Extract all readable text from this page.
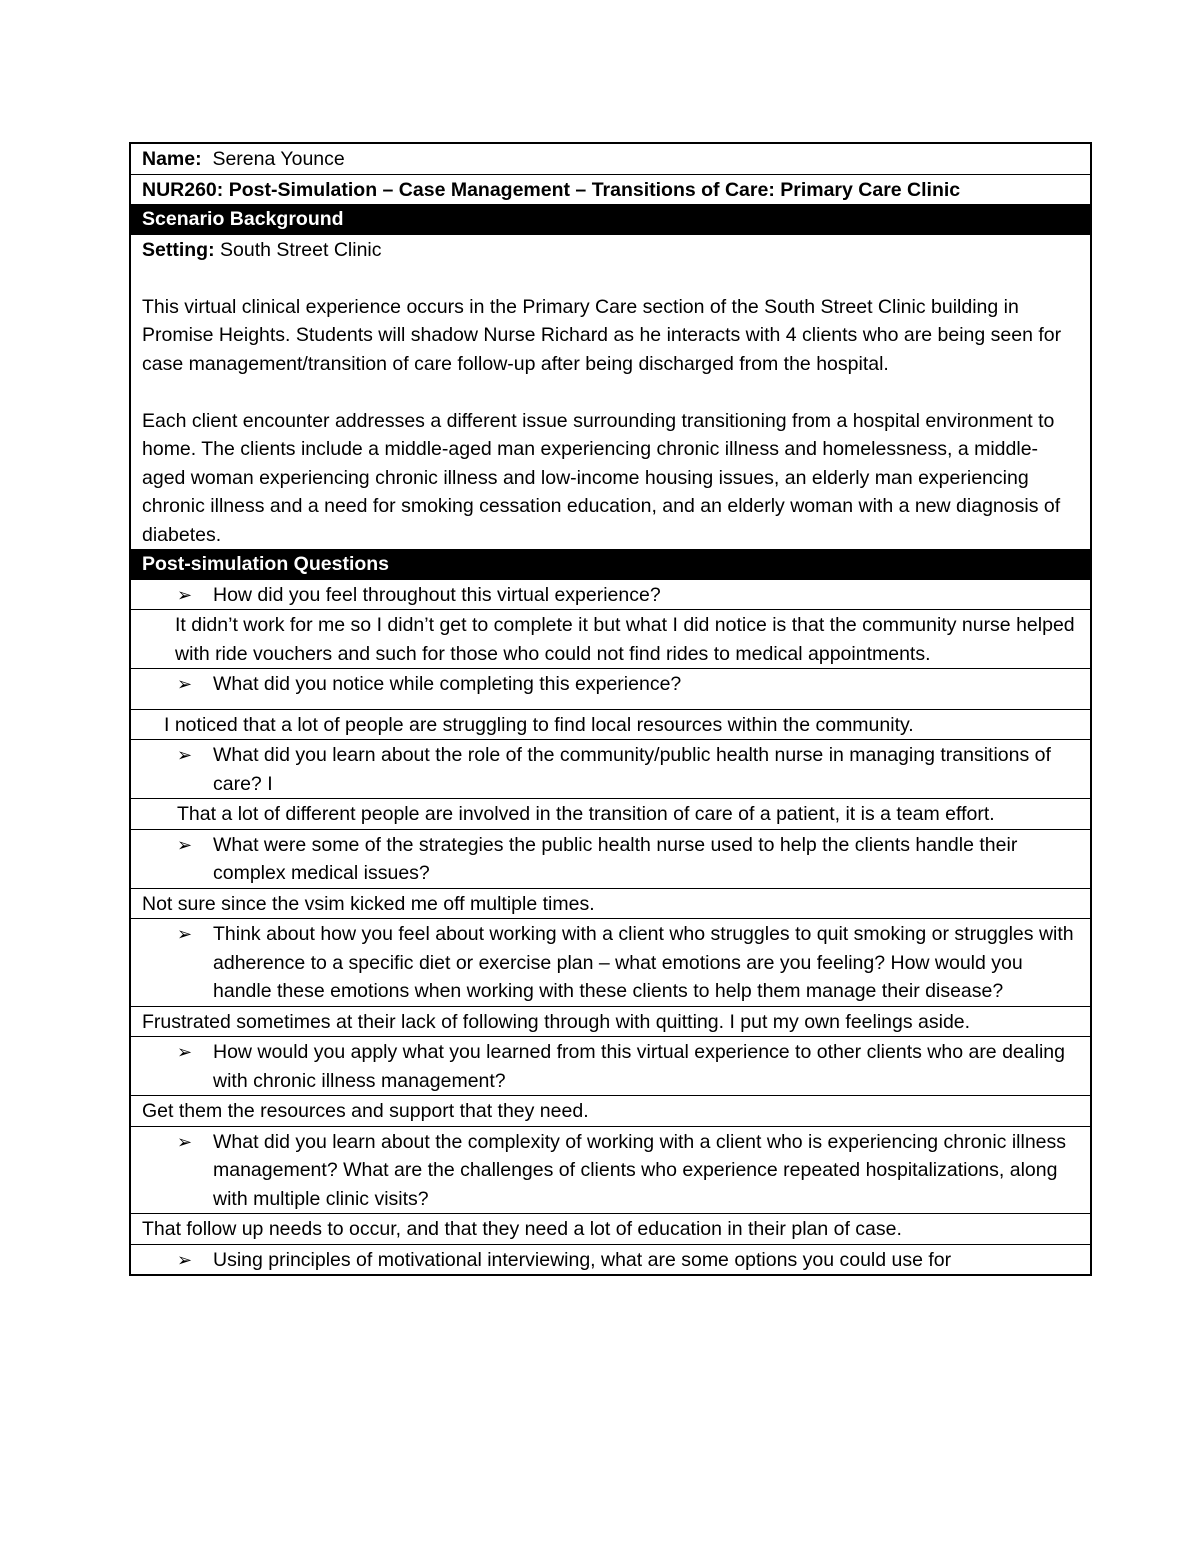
Name: Serena Younce
NUR260: Post-Simulation – Case Management – Transitions of Care: Primary Care Clinic
Scenario Background
Setting: South Street Clinic
This virtual clinical experience occurs in the Primary Care section of the South Street Clinic building in Promise Heights. Students will shadow Nurse Richard as he interacts with 4 clients who are being seen for case management/transition of care follow-up after being discharged from the hospital.
Each client encounter addresses a different issue surrounding transitioning from a hospital environment to home. The clients include a middle-aged man experiencing chronic illness and homelessness, a middle-aged woman experiencing chronic illness and low-income housing issues, an elderly man experiencing chronic illness and a need for smoking cessation education, and an elderly woman with a new diagnosis of diabetes.
Post-simulation Questions
➢ How did you feel throughout this virtual experience?
It didn’t work for me so I didn’t get to complete it but what I did notice is that the community nurse helped with ride vouchers and such for those who could not find rides to medical appointments.
➢ What did you notice while completing this experience?
I noticed that a lot of people are struggling to find local resources within the community.
➢ What did you learn about the role of the community/public health nurse in managing transitions of care? I
That a lot of different people are involved in the transition of care of a patient, it is a team effort.
➢ What were some of the strategies the public health nurse used to help the clients handle their complex medical issues?
Not sure since the vsim kicked me off multiple times.
➢ Think about how you feel about working with a client who struggles to quit smoking or struggles with adherence to a specific diet or exercise plan – what emotions are you feeling? How would you handle these emotions when working with these clients to help them manage their disease?
Frustrated sometimes at their lack of following through with quitting. I put my own feelings aside.
➢ How would you apply what you learned from this virtual experience to other clients who are dealing with chronic illness management?
Get them the resources and support that they need.
➢ What did you learn about the complexity of working with a client who is experiencing chronic illness management? What are the challenges of clients who experience repeated hospitalizations, along with multiple clinic visits?
That follow up needs to occur, and that they need a lot of education in their plan of case.
➢ Using principles of motivational interviewing, what are some options you could use for
